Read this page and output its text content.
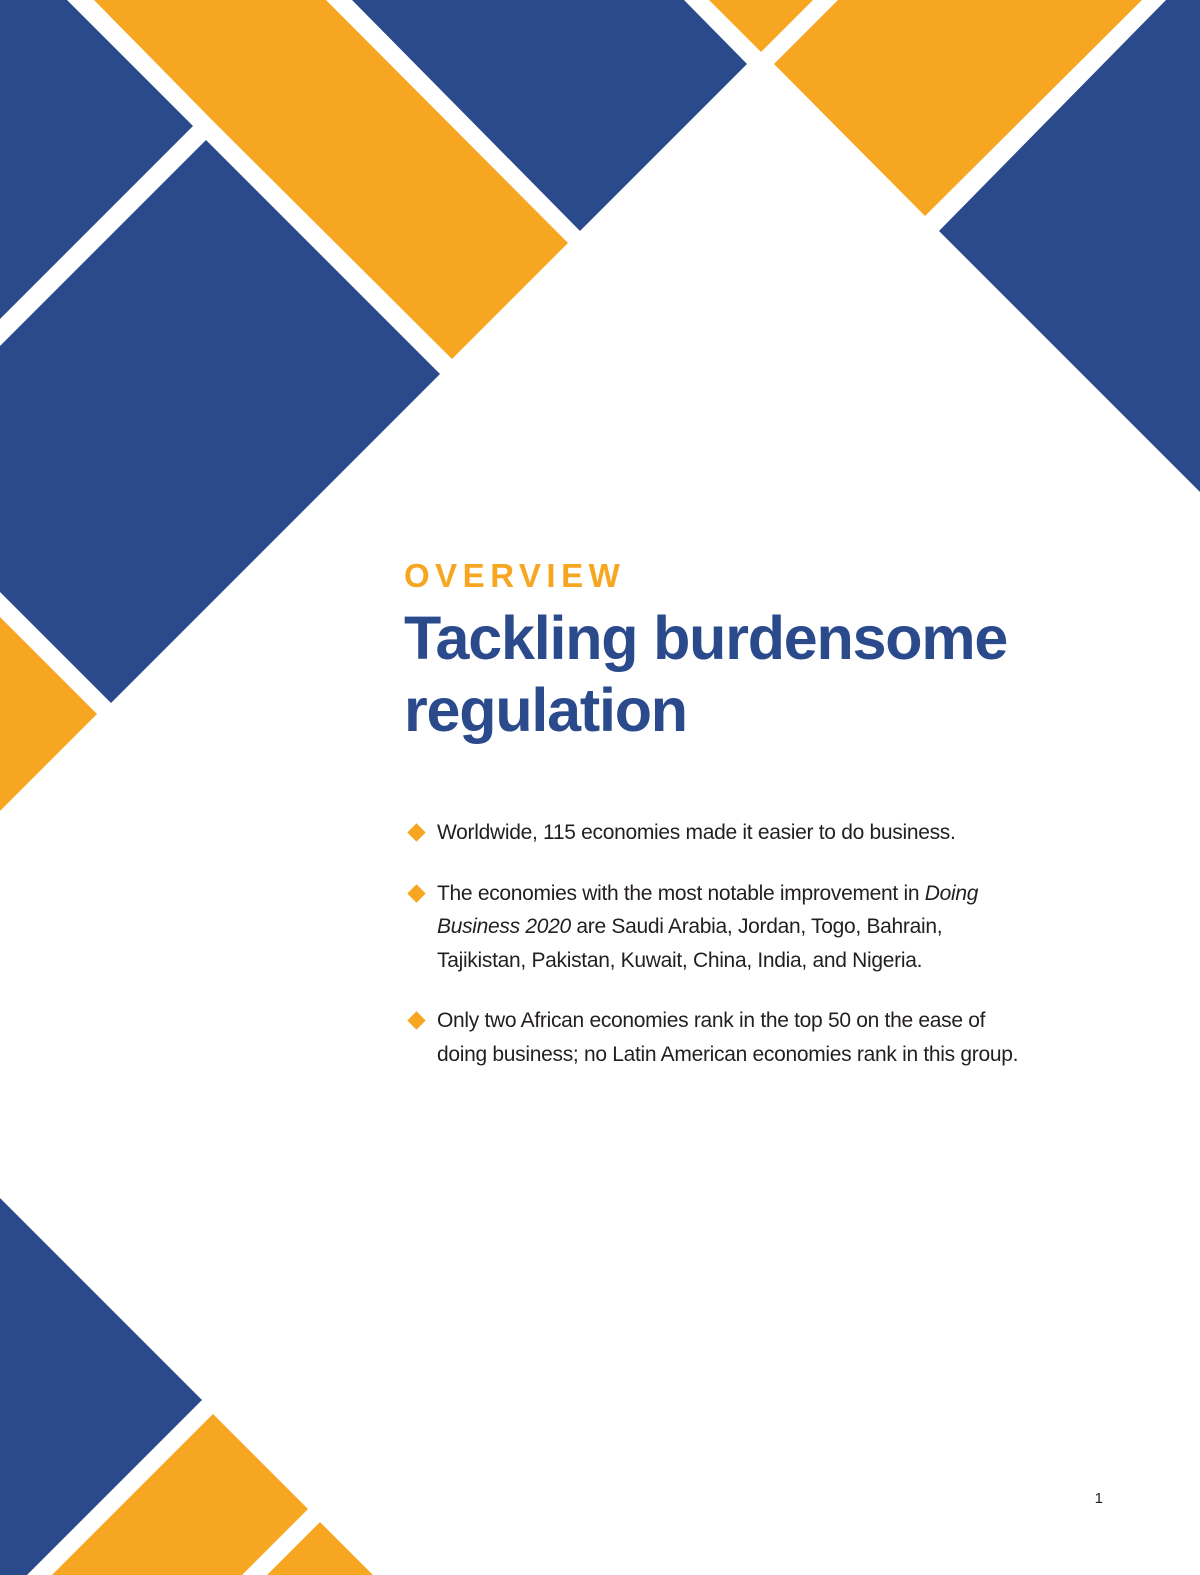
OVERVIEW
Tackling burdensome regulation
Worldwide, 115 economies made it easier to do business.
The economies with the most notable improvement in Doing Business 2020 are Saudi Arabia, Jordan, Togo, Bahrain, Tajikistan, Pakistan, Kuwait, China, India, and Nigeria.
Only two African economies rank in the top 50 on the ease of doing business; no Latin American economies rank in this group.
1
